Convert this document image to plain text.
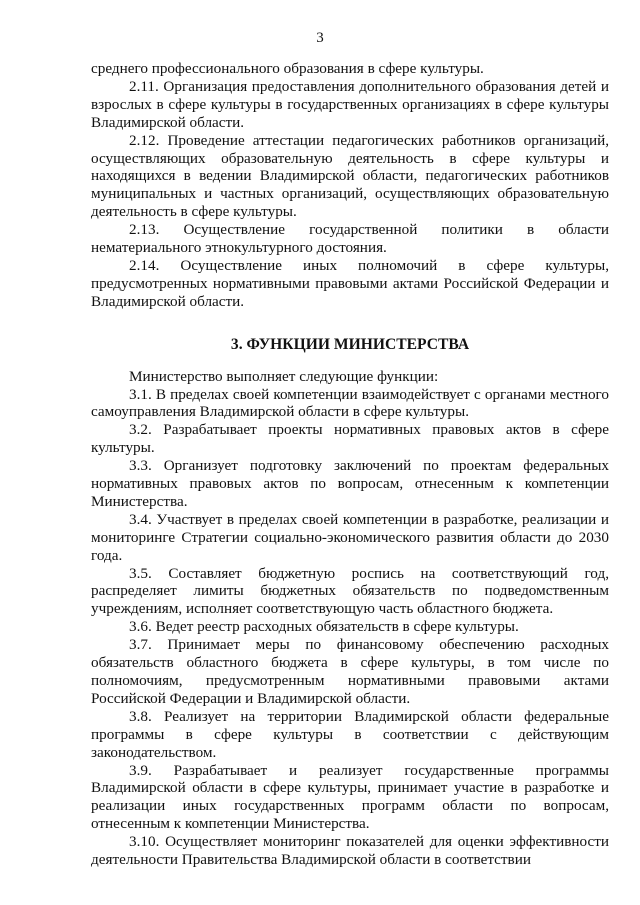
3

среднего профессионального образования в сфере культуры.

2.11. Организация предоставления дополнительного образования детей и взрослых в сфере культуры в государственных организациях в сфере культуры Владимирской области.

2.12. Проведение аттестации педагогических работников организаций, осуществляющих образовательную деятельность в сфере культуры и находящихся в ведении Владимирской области, педагогических работников муниципальных и частных организаций, осуществляющих образовательную деятельность в сфере культуры.

2.13. Осуществление государственной политики в области нематериального этнокультурного достояния.

2.14. Осуществление иных полномочий в сфере культуры, предусмотренных нормативными правовыми актами Российской Федерации и Владимирской области.

3. ФУНКЦИИ МИНИСТЕРСТВА

Министерство выполняет следующие функции:

3.1. В пределах своей компетенции взаимодействует с органами местного самоуправления Владимирской области в сфере культуры.

3.2. Разрабатывает проекты нормативных правовых актов в сфере культуры.

3.3. Организует подготовку заключений по проектам федеральных нормативных правовых актов по вопросам, отнесенным к компетенции Министерства.

3.4. Участвует в пределах своей компетенции в разработке, реализации и мониторинге Стратегии социально-экономического развития области до 2030 года.

3.5. Составляет бюджетную роспись на соответствующий год, распределяет лимиты бюджетных обязательств по подведомственным учреждениям, исполняет соответствующую часть областного бюджета.

3.6. Ведет реестр расходных обязательств в сфере культуры.

3.7. Принимает меры по финансовому обеспечению расходных обязательств областного бюджета в сфере культуры, в том числе по полномочиям, предусмотренным нормативными правовыми актами Российской Федерации и Владимирской области.

3.8. Реализует на территории Владимирской области федеральные программы в сфере культуры в соответствии с действующим законодательством.

3.9. Разрабатывает и реализует государственные программы Владимирской области в сфере культуры, принимает участие в разработке и реализации иных государственных программ области по вопросам, отнесенным к компетенции Министерства.

3.10. Осуществляет мониторинг показателей для оценки эффективности деятельности Правительства Владимирской области в соответствии
